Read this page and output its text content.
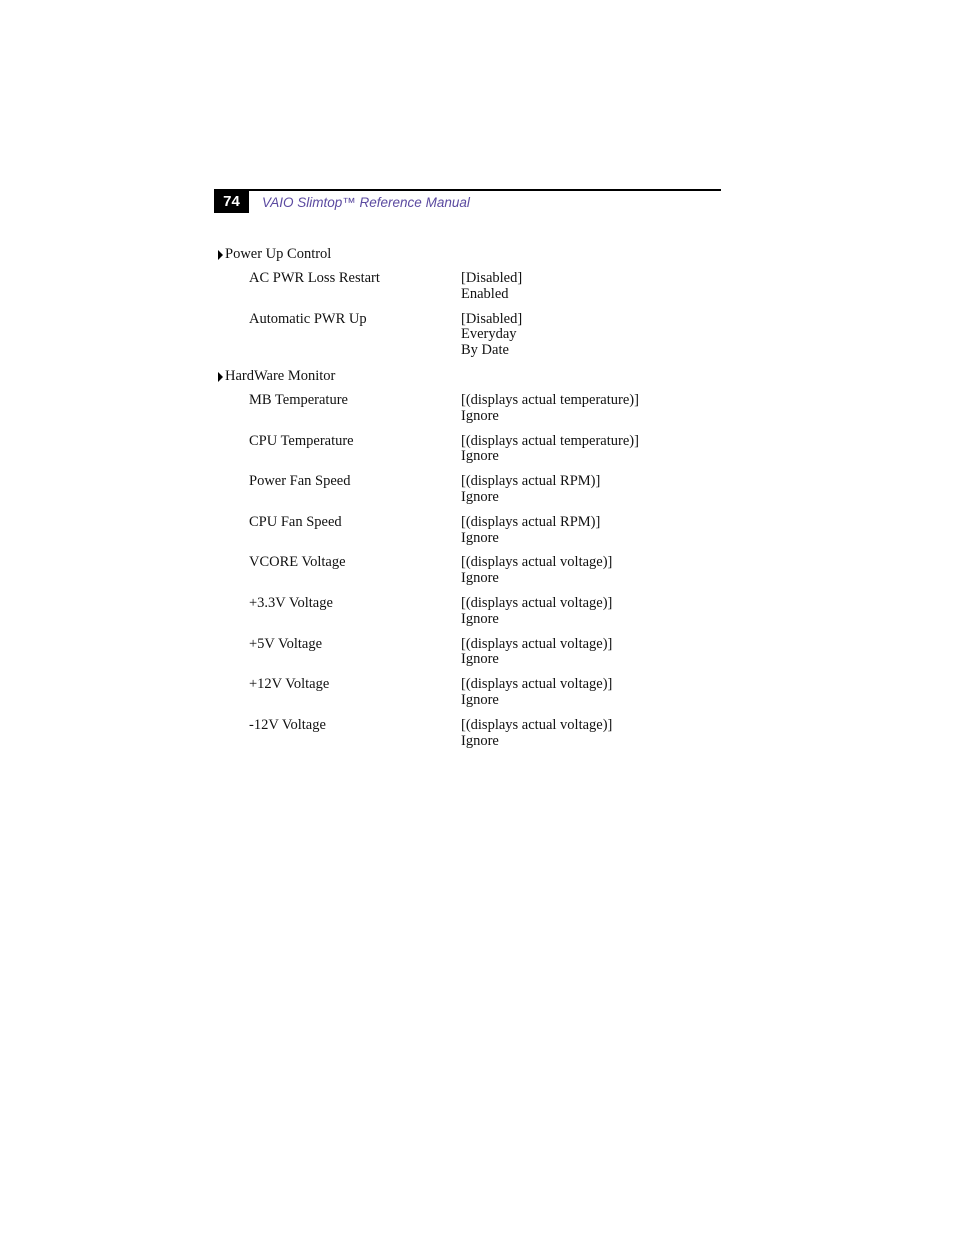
74	VAIO Slimtop™ Reference Manual
Power Up Control
AC PWR Loss Restart	[Disabled]
Enabled
Automatic PWR Up	[Disabled]
Everyday
By Date
HardWare Monitor
MB Temperature	[(displays actual temperature)]
Ignore
CPU Temperature	[(displays actual temperature)]
Ignore
Power Fan Speed	[(displays actual RPM)]
Ignore
CPU Fan Speed	[(displays actual RPM)]
Ignore
VCORE Voltage	[(displays actual voltage)]
Ignore
+3.3V Voltage	[(displays actual voltage)]
Ignore
+5V Voltage	[(displays actual voltage)]
Ignore
+12V Voltage	[(displays actual voltage)]
Ignore
-12V Voltage	[(displays actual voltage)]
Ignore
